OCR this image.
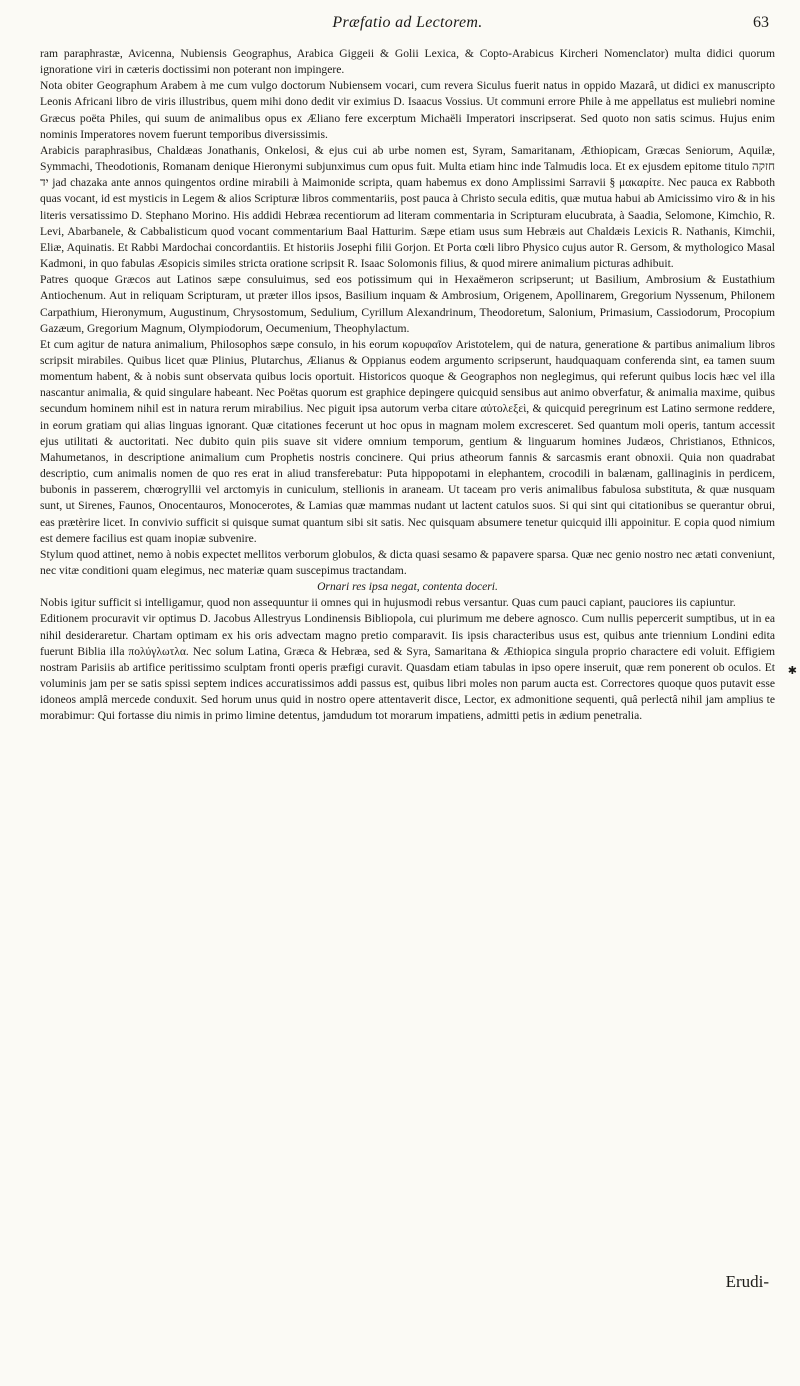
Præfatio ad Lectorem.	63

ram paraphrastæ, Avicenna, Nubiensis Geographus, Arabica Giggeii & Golii Lexica, & Copto-Arabicus Kircheri Nomenclator) multa didici quorum ignoratione viri in cæteris doctissimi non poterant non impingere.

Nota obiter Geographum Arabem à me cum vulgo doctorum Nubiensem vocari, cum revera Siculus fuerit natus in oppido Mazarâ, ut didici ex manuscripto Leonis Africani libro de viris illustribus, quem mihi dono dedit vir eximius D. Isaacus Vossius. Ut communi errore Phile à me appellatus est muliebri nomine Græcus poëta Philes, qui suum de animalibus opus ex Æliano fere excerptum Michaëli Imperatori inscripserat. Sed quoto non satis scimus. Hujus enim nominis Imperatores novem fuerunt temporibus diversissimis.

Arabicis paraphrasibus, Chaldæas Jonathanis, Onkelosi, & ejus cui ab urbe nomen est, Syram, Samaritanam, Æthiopicam, Græcas Seniorum, Aquilæ, Symmachi, Theodotionis, Romanam denique Hieronymi subjunximus cum opus fuit. Multa etiam hinc inde Talmudis loca. Et ex ejusdem epitome titulo חזקה יד jad chazaka ante annos quingentos ordine mirabili à Maimonide scripta, quam habemus ex dono Amplissimi Sarravii § μακαρίτε. Nec pauca ex Rabboth quas vocant, id est mysticis in Legem & alios Scripturæ libros commentariis, post pauca à Christo secula editis, quæ mutua habui ab Amicissimo viro & in his literis versatissimo D. Stephano Morino. His addidi Hebræa recentiorum ad literam commentaria in Scripturam elucubrata, à Saadia, Selomone, Kimchio, R. Levi, Abarbanele, & Cabbalisticum quod vocant commentarium Baal Hatturim. Sæpe etiam usus sum Hebræis aut Chaldæis Lexicis R. Nathanis, Kimchii, Eliæ, Aquinatis. Et Rabbi Mardochai concordantiis. Et historiis Josephi filii Gorjon. Et Porta cœli libro Physico cujus autor R. Gersom, & mythologico Masal Kadmoni, in quo fabulas Æsopicis similes stricta oratione scripsit R. Isaac Solomonis filius, & quod mirere animalium picturas adhibuit.

Patres quoque Græcos aut Latinos sæpe consuluimus, sed eos potissimum qui in Hexaëmeron scripserunt; ut Basilium, Ambrosium & Eustathium Antiochenum. Aut in reliquam Scripturam, ut præter illos ipsos, Basilium inquam & Ambrosium, Origenem, Apollinarem, Gregorium Nyssenum, Philonem Carpathium, Hieronymum, Augustinum, Chrysostomum, Sedulium, Cyrillum Alexandrinum, Theodoretum, Salonium, Primasium, Cassiodorum, Procopium Gazæum, Gregorium Magnum, Olympiodorum, Oecumenium, Theophylactum.

Et cum agitur de natura animalium, Philosophos sæpe consulo, in his eorum κορυφαῖον Aristotelem, qui de natura, generatione & partibus animalium libros scripsit mirabiles. Quibus licet quæ Plinius, Plutarchus, Ælianus & Oppianus eodem argumento scripserunt, haudquaquam conferenda sint, ea tamen suum momentum habent, & à nobis sunt observata quibus locis oportuit. Historicos quoque & Geographos non neglegimus, qui referunt quibus locis hæc vel illa nascantur animalia, & quid singulare habeant. Nec Poëtas quorum est graphice depingere quicquid sensibus aut animo obverfatur, & animalia maxime, quibus secundum hominem nihil est in natura rerum mirabilius. Nec piguit ipsa autorum verba citare αὐτολεξεὶ, & quicquid peregrinum est Latino sermone reddere, in eorum gratiam qui alias linguas ignorant. Quæ citationes fecerunt ut hoc opus in magnam molem excresceret. Sed quantum moli operis, tantum accessit ejus utilitati & auctoritati. Nec dubito quin piis suave sit videre omnium temporum, gentium & linguarum homines Judæos, Christianos, Ethnicos, Mahumetanos, in descriptione animalium cum Prophetis nostris concinere. Qui prius atheorum fannis & sarcasmis erant obnoxii. Quia non quadrabat descriptio, cum animalis nomen de quo res erat in aliud transferebatur: Puta hippopotami in elephantem, crocodili in balænam, gallinaginis in perdicem, bubonis in passerem, chœrogryllii vel arctomyis in cuniculum, stellionis in araneam. Ut taceam pro veris animalibus fabulosa substituta, & quæ nusquam sunt, ut Sirenes, Faunos, Onocentauros, Monocerotes, & Lamias quæ mammas nudant ut lactent catulos suos. Si qui sint qui citationibus se querantur obrui, eas prætèrire licet. In convivio sufficit si quisque sumat quantum sibi sit satis. Nec quisquam absumere tenetur quicquid illi appoinitur. E copia quod nimium est demere facilius est quam inopiæ subvenire.

Stylum quod attinet, nemo à nobis expectet mellitos verborum globulos, & dicta quasi sesamo & papavere sparsa. Quæ nec genio nostro nec ætati conveniunt, nec vitæ conditioni quam elegimus, nec materiæ quam suscepimus tractandam.

Ornari res ipsa negat, contenta doceri.

Nobis igitur sufficit si intelligamur, quod non assequuntur ii omnes qui in hujusmodi rebus versantur. Quas cum pauci capiant, pauciores iis capiuntur.

Editionem procuravit vir optimus D. Jacobus Allestryus Londinensis Bibliopola, cui plurimum me debere agnosco. Cum nullis pepercerit sumptibus, ut in ea nihil desideraretur. Chartam optimam ex his oris advectam magno pretio comparavit. Iis ipsis characteribus usus est, quibus ante triennium Londini edita fuerunt Biblia illa πολύγλωτλα. Nec solum Latina, Græca & Hebræa, sed & Syra, Samaritana & Æthiopica singula proprio charactere edi voluit. Effigiem nostram Parisiis ab artifice peritissimo sculptam fronti operis præfigi curavit. Quasdam etiam tabulas in ipso opere inseruit, quæ rem ponerent ob oculos. Et voluminis jam per se satis spissi septem indices accuratissimos addi passus est, quibus libri moles non parum aucta est. Correctores quoque quos putavit esse idoneos amplâ mercede conduxit. Sed horum unus quid in nostro opere attentaverit disce, Lector, ex admonitione sequenti, quâ perlectâ nihil jam amplius te morabimur: Qui fortasse diu nimis in primo limine detentus, jamdudum tot morarum impatiens, admitti petis in ædium penetralia.

✱
Erudi-
